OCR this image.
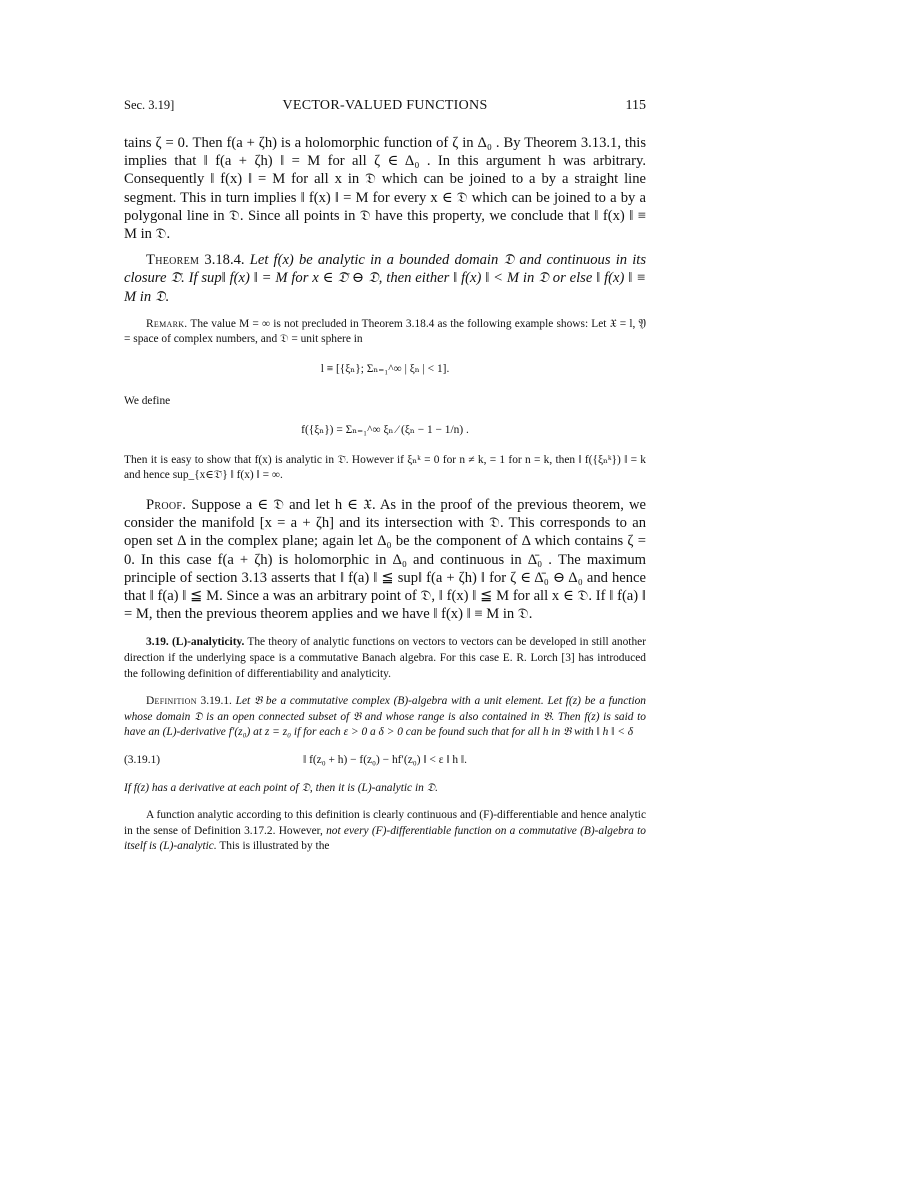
Sec. 3.19]	VECTOR-VALUED FUNCTIONS	115

tains ζ = 0. Then f(a + ζh) is a holomorphic function of ζ in Δ₀ . By Theorem 3.13.1, this implies that ‖ f(a + ζh) ‖ = M for all ζ ∈ Δ₀ . In this argument h was arbitrary. Consequently ‖ f(x) ‖ = M for all x in 𝔇 which can be joined to a by a straight line segment. This in turn implies ‖ f(x) ‖ = M for every x ∈ 𝔇 which can be joined to a by a polygonal line in 𝔇. Since all points in 𝔇 have this property, we conclude that ‖ f(x) ‖ ≡ M in 𝔇.

Theorem 3.18.4. Let f(x) be analytic in a bounded domain 𝔇 and continuous in its closure 𝔇̄. If sup‖ f(x) ‖ = M for x ∈ 𝔇̄ ⊖ 𝔇, then either ‖ f(x) ‖ < M in 𝔇 or else ‖ f(x) ‖ ≡ M in 𝔇.

Remark. The value M = ∞ is not precluded in Theorem 3.18.4 as the following example shows: Let 𝔛 = l, 𝔜 = space of complex numbers, and 𝔇 = unit sphere in

l ≡ [{ξₙ}; Σₙ₌₁^∞ | ξₙ | < 1].

We define

f({ξₙ}) = Σₙ₌₁^∞ ξₙ ⁄ (ξₙ − 1 − 1/n) .

Then it is easy to show that f(x) is analytic in 𝔇̄. However if ξₙᵏ = 0 for n ≠ k, = 1 for n = k, then ‖ f({ξₙᵏ}) ‖ = k and hence sup_{x∈𝔇̄} ‖ f(x) ‖ = ∞.

Proof. Suppose a ∈ 𝔇 and let h ∈ 𝔛. As in the proof of the previous theorem, we consider the manifold [x = a + ζh] and its intersection with 𝔇. This corresponds to an open set Δ in the complex plane; again let Δ₀ be the component of Δ which contains ζ = 0. In this case f(a + ζh) is holomorphic in Δ₀ and continuous in Δ̄₀ . The maximum principle of section 3.13 asserts that ‖ f(a) ‖ ≦ sup‖ f(a + ζh) ‖ for ζ ∈ Δ̄₀ ⊖ Δ₀ and hence that ‖ f(a) ‖ ≦ M. Since a was an arbitrary point of 𝔇, ‖ f(x) ‖ ≦ M for all x ∈ 𝔇. If ‖ f(a) ‖ = M, then the previous theorem applies and we have ‖ f(x) ‖ ≡ M in 𝔇.

3.19. (L)-analyticity. The theory of analytic functions on vectors to vectors can be developed in still another direction if the underlying space is a commutative Banach algebra. For this case E. R. Lorch [3] has introduced the following definition of differentiability and analyticity.

Definition 3.19.1. Let 𝔅 be a commutative complex (B)-algebra with a unit element. Let f(z) be a function whose domain 𝔇 is an open connected subset of 𝔅 and whose range is also contained in 𝔅. Then f(z) is said to have an (L)-derivative f′(z₀) at z = z₀ if for each ε > 0 a δ > 0 can be found such that for all h in 𝔅 with ‖ h ‖ < δ

(3.19.1)	‖ f(z₀ + h) − f(z₀) − hf′(z₀) ‖ < ε ‖ h ‖.

If f(z) has a derivative at each point of 𝔇, then it is (L)-analytic in 𝔇.

A function analytic according to this definition is clearly continuous and (F)-differentiable and hence analytic in the sense of Definition 3.17.2. However, not every (F)-differentiable function on a commutative (B)-algebra to itself is (L)-analytic. This is illustrated by the
